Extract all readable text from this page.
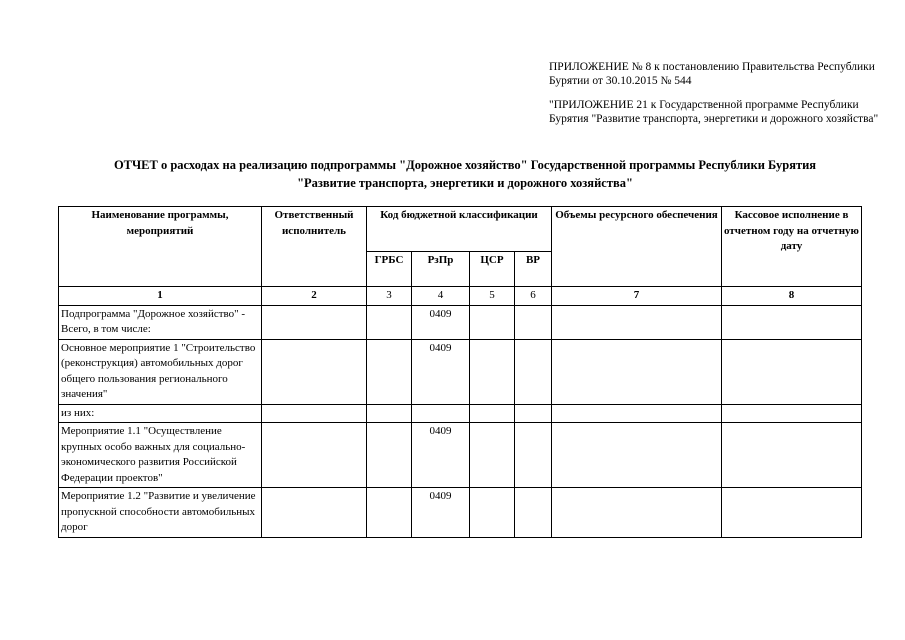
ПРИЛОЖЕНИЕ № 8 к постановлению Правительства Республики Бурятии от 30.10.2015 № 544
"ПРИЛОЖЕНИЕ 21 к Государственной программе Республики Бурятия "Развитие транспорта, энергетики и дорожного хозяйства"
ОТЧЕТ о расходах на реализацию подпрограммы "Дорожное хозяйство" Государственной программы Республики Бурятия
"Развитие транспорта, энергетики и дорожного хозяйства"
Наименование программы, мероприятий	Ответственный исполнитель	Код бюджетной классификации				Объемы ресурсного обеспечения	Кассовое исполнение в отчетном году на отчетную дату
		ГРБС	РзПр	ЦСР	ВР		
1	2	3	4	5	6	7	8
Подпрограмма "Дорожное хозяйство" - Всего, в том числе:			0409				
Основное мероприятие 1 "Строительство (реконструкция) автомобильных дорог общего пользования регионального значения"			0409				
из них:							
Мероприятие 1.1 "Осуществление крупных особо важных для социально-экономического развития Российской Федерации проектов"			0409				
Мероприятие 1.2 "Развитие и увеличение пропускной способности автомобильных дорог			0409				
